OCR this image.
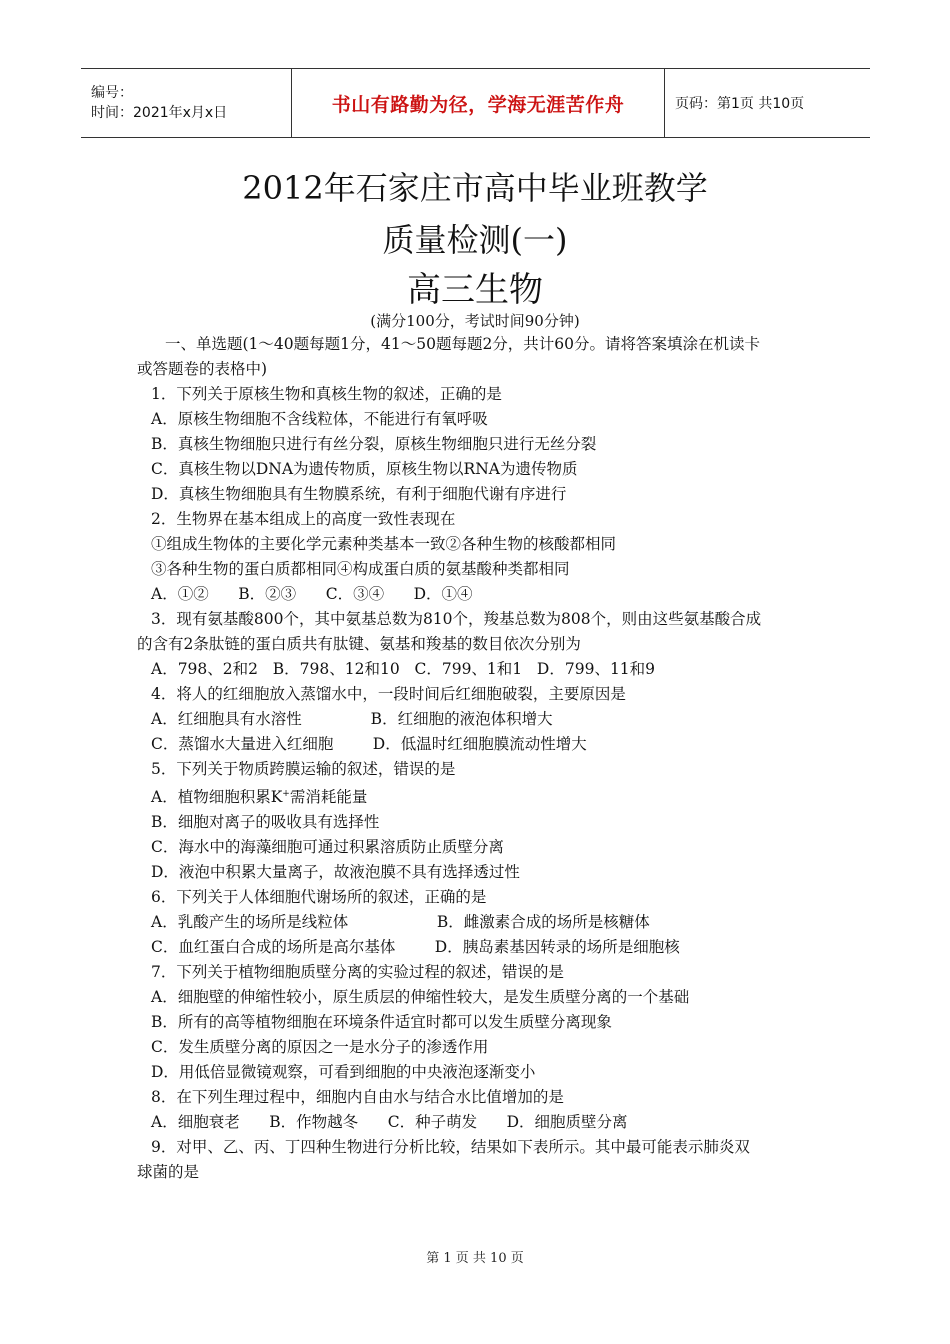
编号：
时间：2021年x月x日	书山有路勤为径，学海无涯苦作舟	页码：第1页 共10页
2012年石家庄市高中毕业班教学
质量检测(一)
高三生物
(满分100分，考试时间90分钟)
一、单选题(1～40题每题1分，41～50题每题2分，共计60分。请将答案填涂在机读卡
或答题卷的表格中)
1．下列关于原核生物和真核生物的叙述，正确的是
A．原核生物细胞不含线粒体，不能进行有氧呼吸
B．真核生物细胞只进行有丝分裂，原核生物细胞只进行无丝分裂
C．真核生物以DNA为遗传物质，原核生物以RNA为遗传物质
D．真核生物细胞具有生物膜系统，有利于细胞代谢有序进行
2．生物界在基本组成上的高度一致性表现在
①组成生物体的主要化学元素种类基本一致②各种生物的核酸都相同
③各种生物的蛋白质都相同④构成蛋白质的氨基酸种类都相同
A．①②      B．②③      C．③④      D．①④
3．现有氨基酸800个，其中氨基总数为810个，羧基总数为808个，则由这些氨基酸合成
的含有2条肽链的蛋白质共有肽键、氨基和羧基的数目依次分别为
A．798、2和2   B．798、12和10   C．799、1和1   D．799、11和9
4．将人的红细胞放入蒸馏水中，一段时间后红细胞破裂，主要原因是
A．红细胞具有水溶性              B．红细胞的液泡体积增大
C．蒸馏水大量进入红细胞        D．低温时红细胞膜流动性增大
5．下列关于物质跨膜运输的叙述，错误的是
A．植物细胞积累K+需消耗能量
B．细胞对离子的吸收具有选择性
C．海水中的海藻细胞可通过积累溶质防止质壁分离
D．液泡中积累大量离子，故液泡膜不具有选择透过性
6．下列关于人体细胞代谢场所的叙述，正确的是
A．乳酸产生的场所是线粒体                  B．雌激素合成的场所是核糖体
C．血红蛋白合成的场所是高尔基体        D．胰岛素基因转录的场所是细胞核
7．下列关于植物细胞质壁分离的实验过程的叙述，错误的是
A．细胞壁的伸缩性较小，原生质层的伸缩性较大，是发生质壁分离的一个基础
B．所有的高等植物细胞在环境条件适宜时都可以发生质壁分离现象
C．发生质壁分离的原因之一是水分子的渗透作用
D．用低倍显微镜观察，可看到细胞的中央液泡逐渐变小
8．在下列生理过程中，细胞内自由水与结合水比值增加的是
A．细胞衰老      B．作物越冬      C．种子萌发      D．细胞质壁分离
9．对甲、乙、丙、丁四种生物进行分析比较，结果如下表所示。其中最可能表示肺炎双
球菌的是
第 1 页 共 10 页
